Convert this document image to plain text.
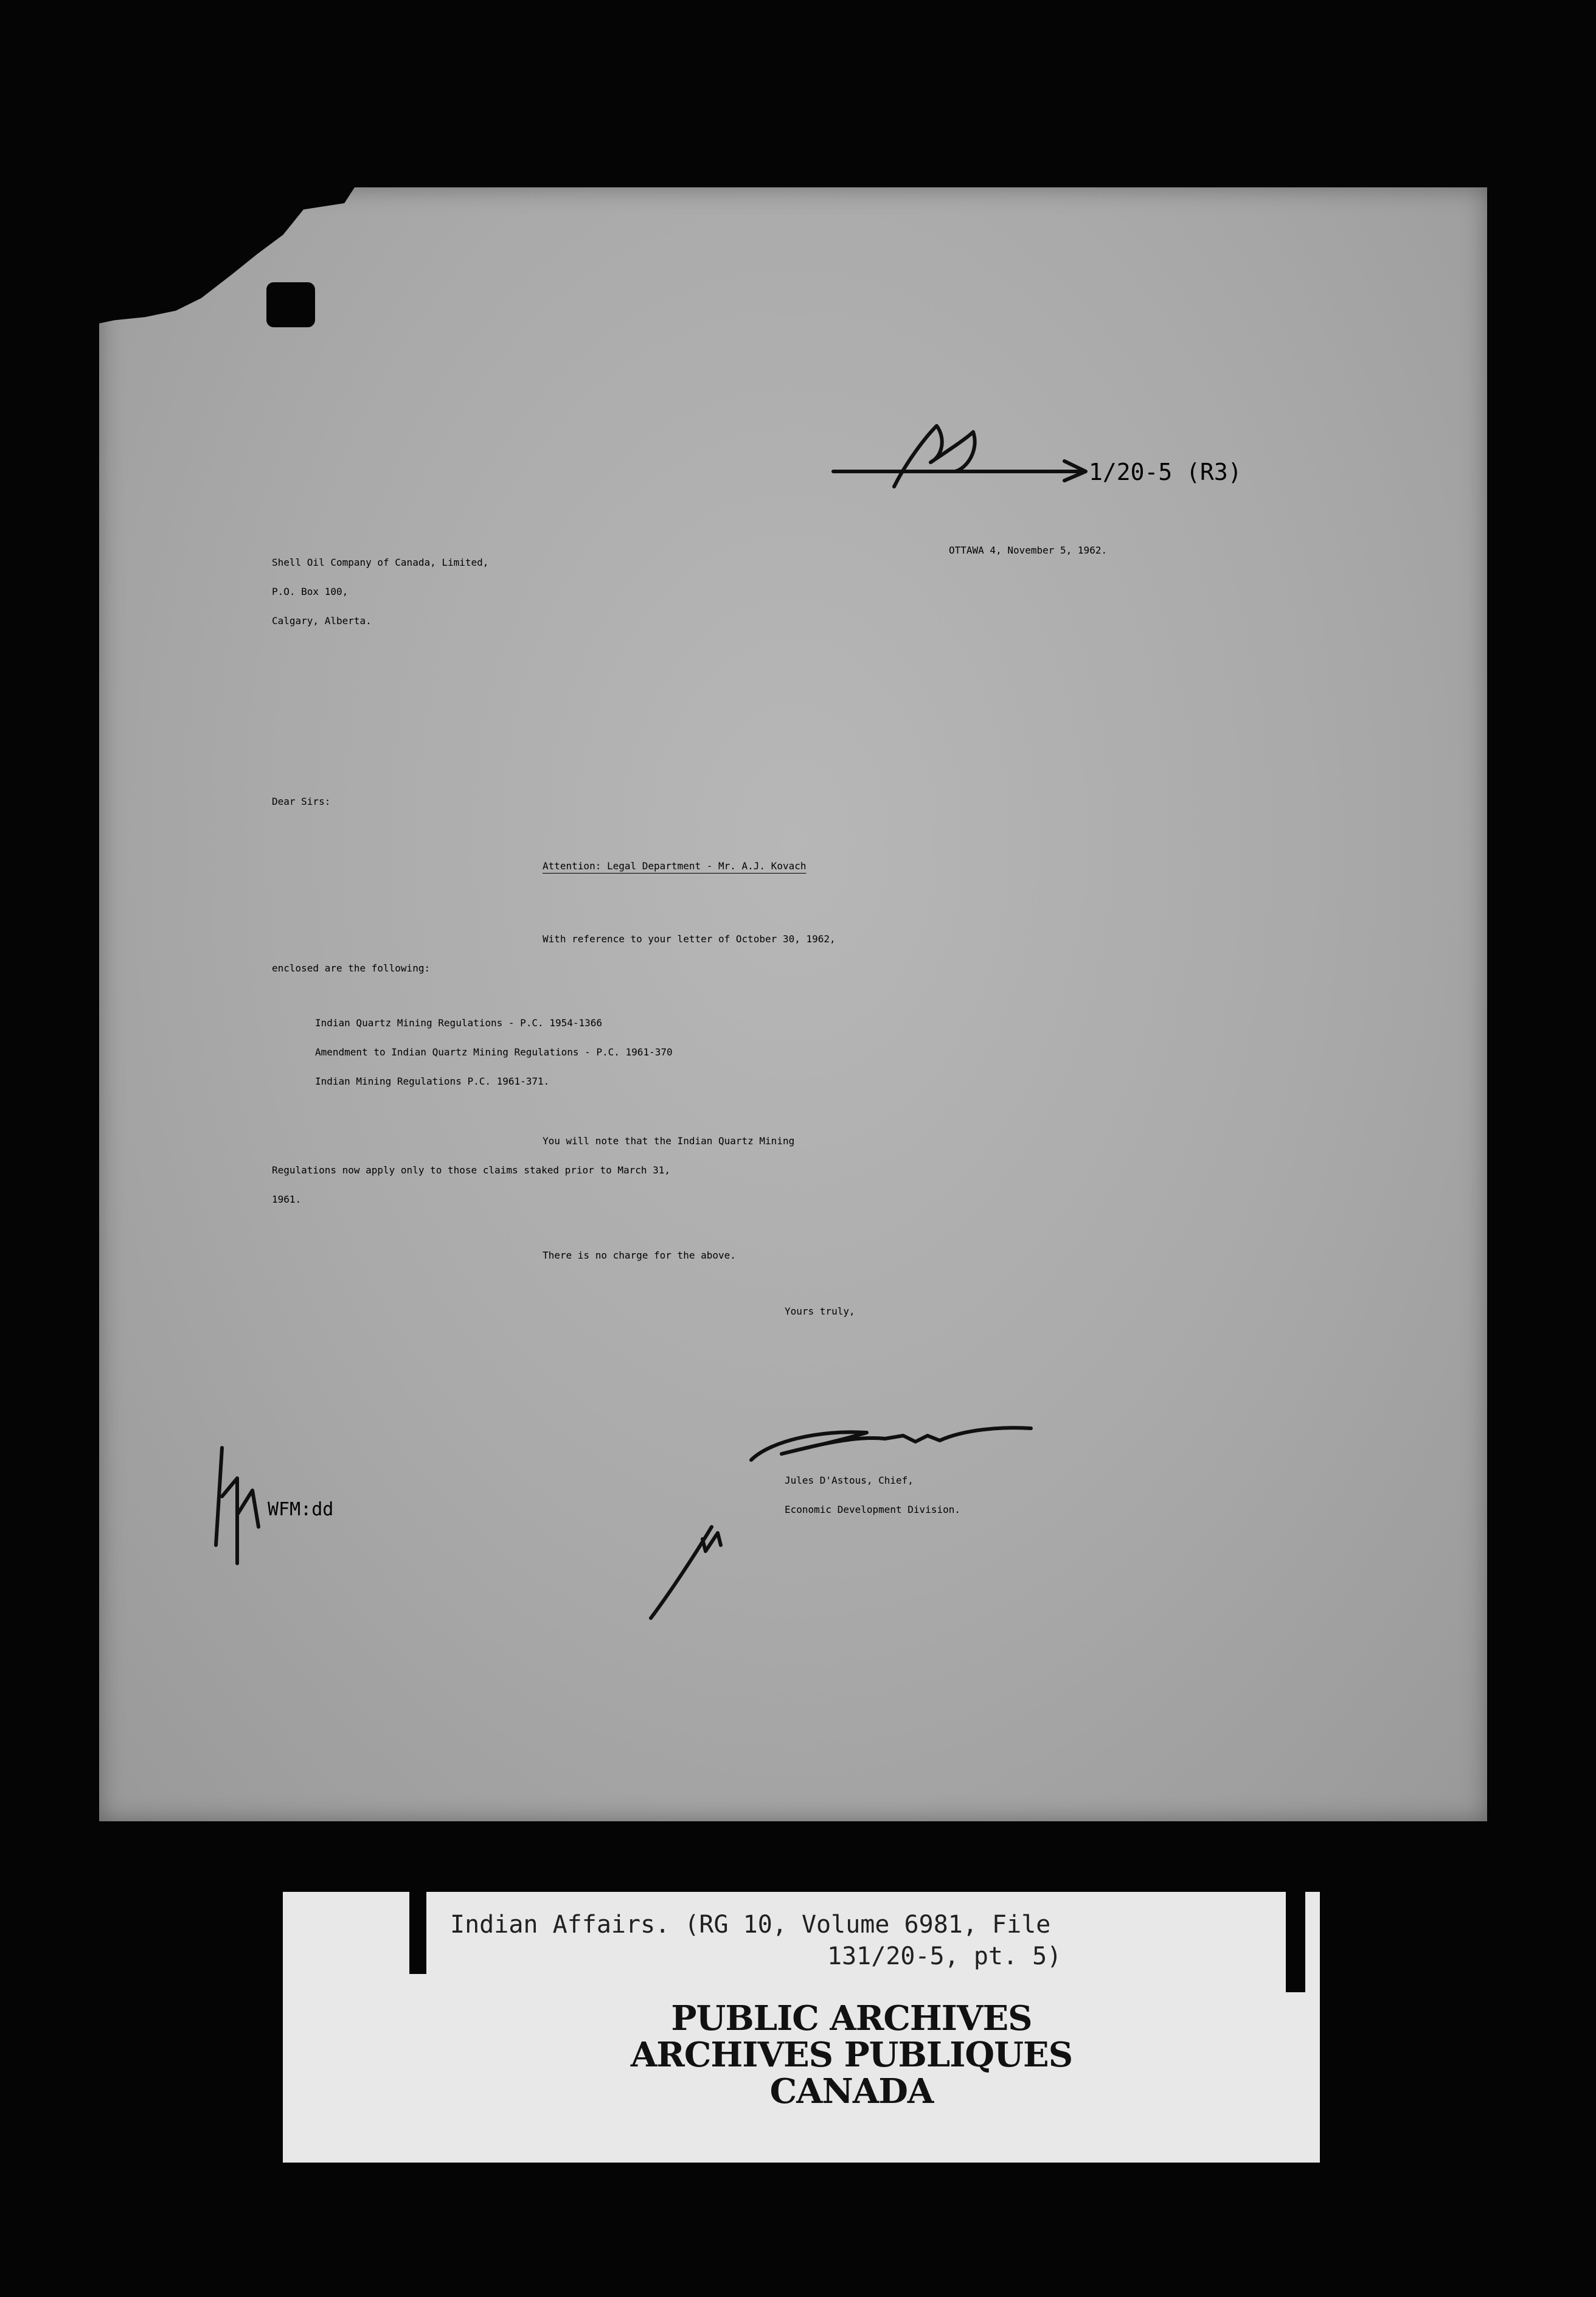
1/20-5 (R3)

Shell Oil Company of Canada, Limited,

P.O. Box 100,

Calgary, Alberta.

OTTAWA 4, November 5, 1962.

Dear Sirs:

Attention: Legal Department - Mr. A.J. Kovach

With reference to your letter of October 30, 1962,

enclosed are the following:

Indian Quartz Mining Regulations - P.C. 1954-1366

Amendment to Indian Quartz Mining Regulations - P.C. 1961-370

Indian Mining Regulations P.C. 1961-371.

You will note that the Indian Quartz Mining

Regulations now apply only to those claims staked prior to March 31,

1961.

There is no charge for the above.

Yours truly,

WFM:dd

Jules D'Astous, Chief,

Economic Development Division.

Indian Affairs. (RG 10, Volume 6981, File
131/20-5, pt. 5)
PUBLIC ARCHIVES
ARCHIVES PUBLIQUES
CANADA
